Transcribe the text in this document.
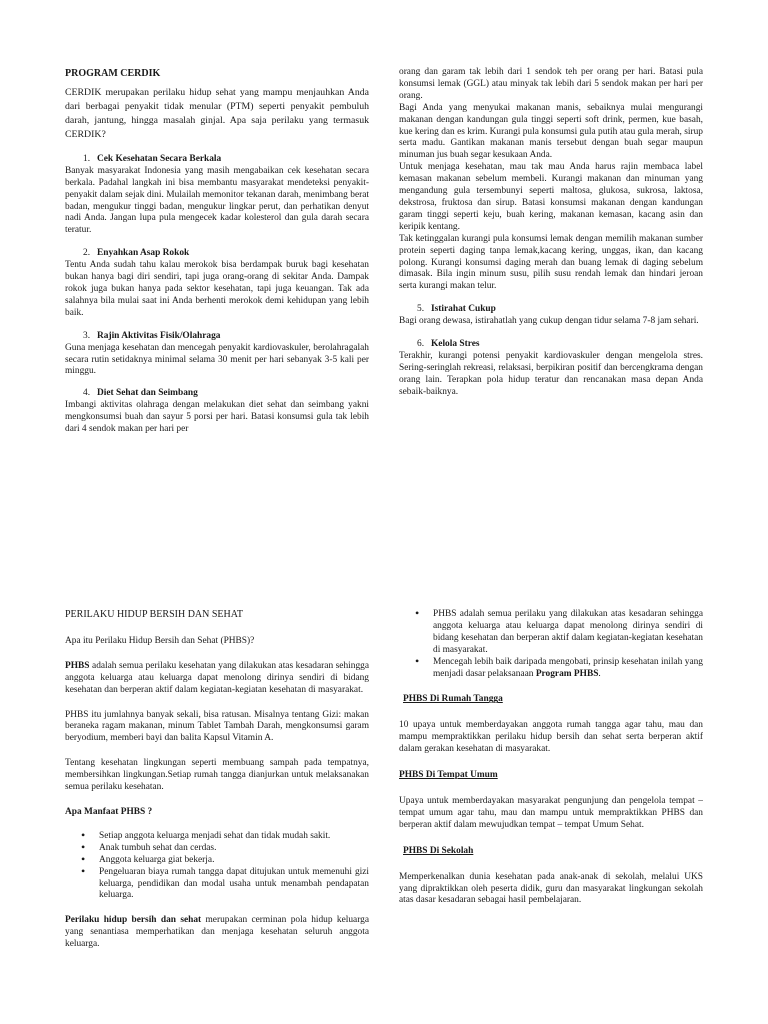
PROGRAM CERDIK

CERDIK merupakan perilaku hidup sehat yang mampu menjauhkan Anda dari berbagai penyakit tidak menular (PTM) seperti penyakit pembuluh darah, jantung, hingga masalah ginjal. Apa saja perilaku yang termasuk CERDIK?

1. Cek Kesehatan Secara Berkala

Banyak masyarakat Indonesia yang masih mengabaikan cek kesehatan secara berkala. Padahal langkah ini bisa membantu masyarakat mendeteksi penyakit-penyakit dalam sejak dini. Mulailah memonitor tekanan darah, menimbang berat badan, mengukur tinggi badan, mengukur lingkar perut, dan perhatikan denyut nadi Anda. Jangan lupa pula mengecek kadar kolesterol dan gula darah secara teratur.

2. Enyahkan Asap Rokok

Tentu Anda sudah tahu kalau merokok bisa berdampak buruk bagi kesehatan bukan hanya bagi diri sendiri, tapi juga orang-orang di sekitar Anda. Dampak rokok juga bukan hanya pada sektor kesehatan, tapi juga keuangan. Tak ada salahnya bila mulai saat ini Anda berhenti merokok demi kehidupan yang lebih baik.

3. Rajin Aktivitas Fisik/Olahraga

Guna menjaga kesehatan dan mencegah penyakit kardiovaskuler, berolahragalah secara rutin setidaknya minimal selama 30 menit per hari sebanyak 3-5 kali per minggu.

4. Diet Sehat dan Seimbang

Imbangi aktivitas olahraga dengan melakukan diet sehat dan seimbang yakni mengkonsumsi buah dan sayur 5 porsi per hari. Batasi konsumsi gula tak lebih dari 4 sendok makan per hari per

orang dan garam tak lebih dari 1 sendok teh per orang per hari. Batasi pula konsumsi lemak (GGL) atau minyak tak lebih dari 5 sendok makan per hari per orang.

Bagi Anda yang menyukai makanan manis, sebaiknya mulai mengurangi makanan dengan kandungan gula tinggi seperti soft drink, permen, kue basah, kue kering dan es krim. Kurangi pula konsumsi gula putih atau gula merah, sirup serta madu. Gantikan makanan manis tersebut dengan buah segar maupun minuman jus buah segar kesukaan Anda.

Untuk menjaga kesehatan, mau tak mau Anda harus rajin membaca label kemasan makanan sebelum membeli. Kurangi makanan dan minuman yang mengandung gula tersembunyi seperti maltosa, glukosa, sukrosa, laktosa, dekstrosa, fruktosa dan sirup. Batasi konsumsi makanan dengan kandungan garam tinggi seperti keju, buah kering, makanan kemasan, kacang asin dan keripik kentang.

Tak ketinggalan kurangi pula konsumsi lemak dengan memilih makanan sumber protein seperti daging tanpa lemak,kacang kering, unggas, ikan, dan kacang polong. Kurangi konsumsi daging merah dan buang lemak di daging sebelum dimasak. Bila ingin minum susu, pilih susu rendah lemak dan hindari jeroan serta kurangi makan telur.

5. Istirahat Cukup

Bagi orang dewasa, istirahatlah yang cukup dengan tidur selama 7-8 jam sehari.

6. Kelola Stres

Terakhir, kurangi potensi penyakit kardiovaskuler dengan mengelola stres. Sering-seringlah rekreasi, relaksasi, berpikiran positif dan bercengkrama dengan orang lain. Terapkan pola hidup teratur dan rencanakan masa depan Anda sebaik-baiknya.

PERILAKU HIDUP BERSIH DAN SEHAT

Apa itu Perilaku Hidup Bersih dan Sehat (PHBS)?

PHBS adalah semua perilaku kesehatan yang dilakukan atas kesadaran sehingga anggota keluarga atau keluarga dapat menolong dirinya sendiri di bidang kesehatan dan berperan aktif dalam kegiatan-kegiatan kesehatan di masyarakat.

PHBS itu jumlahnya banyak sekali, bisa ratusan. Misalnya tentang Gizi: makan beraneka ragam makanan, minum Tablet Tambah Darah, mengkonsumsi garam beryodium, memberi bayi dan balita Kapsul Vitamin A.

Tentang kesehatan lingkungan seperti membuang sampah pada tempatnya, membersihkan lingkungan.Setiap rumah tangga dianjurkan untuk melaksanakan semua perilaku kesehatan.

Apa Manfaat PHBS ?

• Setiap anggota keluarga menjadi sehat dan tidak mudah sakit.
• Anak tumbuh sehat dan cerdas.
• Anggota keluarga giat bekerja.
• Pengeluaran biaya rumah tangga dapat ditujukan untuk memenuhi gizi keluarga, pendidikan dan modal usaha untuk menambah pendapatan keluarga.

Perilaku hidup bersih dan sehat merupakan cerminan pola hidup keluarga yang senantiasa memperhatikan dan menjaga kesehatan seluruh anggota keluarga.

• PHBS adalah semua perilaku yang dilakukan atas kesadaran sehingga anggota keluarga atau keluarga dapat menolong dirinya sendiri di bidang kesehatan dan berperan aktif dalam kegiatan-kegiatan kesehatan di masyarakat.
• Mencegah lebih baik daripada mengobati, prinsip kesehatan inilah yang menjadi dasar pelaksanaan Program PHBS.

PHBS Di Rumah Tangga

10 upaya untuk memberdayakan anggota rumah tangga agar tahu, mau dan mampu mempraktikkan perilaku hidup bersih dan sehat serta berperan aktif dalam gerakan kesehatan di masyarakat.

PHBS Di Tempat Umum

Upaya untuk memberdayakan masyarakat pengunjung dan pengelola tempat – tempat umum agar tahu, mau dan mampu untuk mempraktikkan PHBS dan berperan aktif dalam mewujudkan tempat – tempat Umum Sehat.

PHBS Di Sekolah

Memperkenalkan dunia kesehatan pada anak-anak di sekolah, melalui UKS yang dipraktikkan oleh peserta didik, guru dan masyarakat lingkungan sekolah atas dasar kesadaran sebagai hasil pembelajaran.
